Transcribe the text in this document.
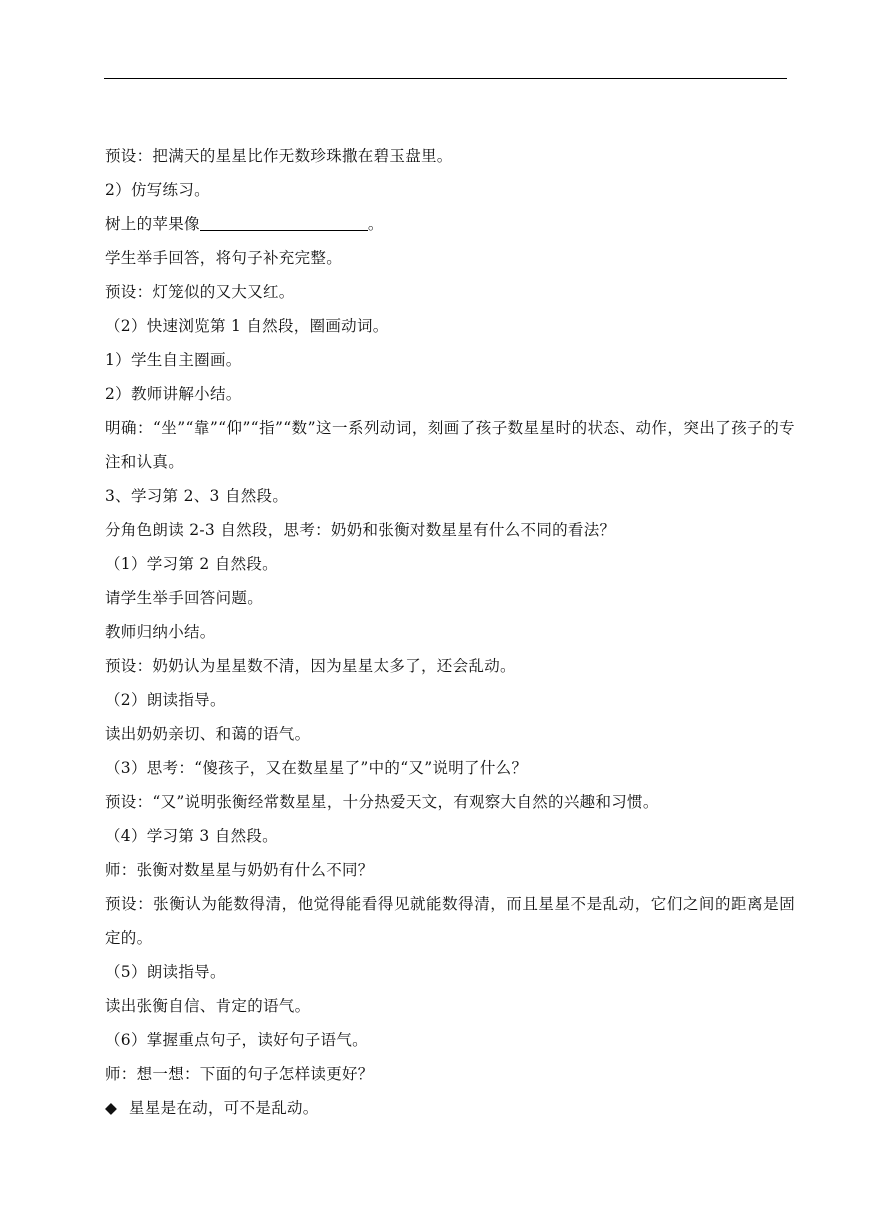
预设：把满天的星星比作无数珍珠撒在碧玉盘里。
2）仿写练习。
树上的苹果像	。
学生举手回答，将句子补充完整。
预设：灯笼似的又大又红。
（2）快速浏览第 1 自然段，圈画动词。
1）学生自主圈画。
2）教师讲解小结。
明确：“坐”“靠”“仰”“指”“数”这一系列动词，刻画了孩子数星星时的状态、动作，突出了孩子的专注和认真。
3、学习第 2、3 自然段。
分角色朗读 2-3 自然段，思考：奶奶和张衡对数星星有什么不同的看法？
（1）学习第 2 自然段。
请学生举手回答问题。
教师归纳小结。
预设：奶奶认为星星数不清，因为星星太多了，还会乱动。
（2）朗读指导。
读出奶奶亲切、和蔼的语气。
（3）思考：“傻孩子，又在数星星了”中的“又”说明了什么？
预设：“又”说明张衡经常数星星，十分热爱天文，有观察大自然的兴趣和习惯。
（4）学习第 3 自然段。
师：张衡对数星星与奶奶有什么不同？
预设：张衡认为能数得清，他觉得能看得见就能数得清，而且星星不是乱动，它们之间的距离是固定的。
（5）朗读指导。
读出张衡自信、肯定的语气。
（6）掌握重点句子，读好句子语气。
师：想一想：下面的句子怎样读更好？
◆ 星星是在动，可不是乱动。
